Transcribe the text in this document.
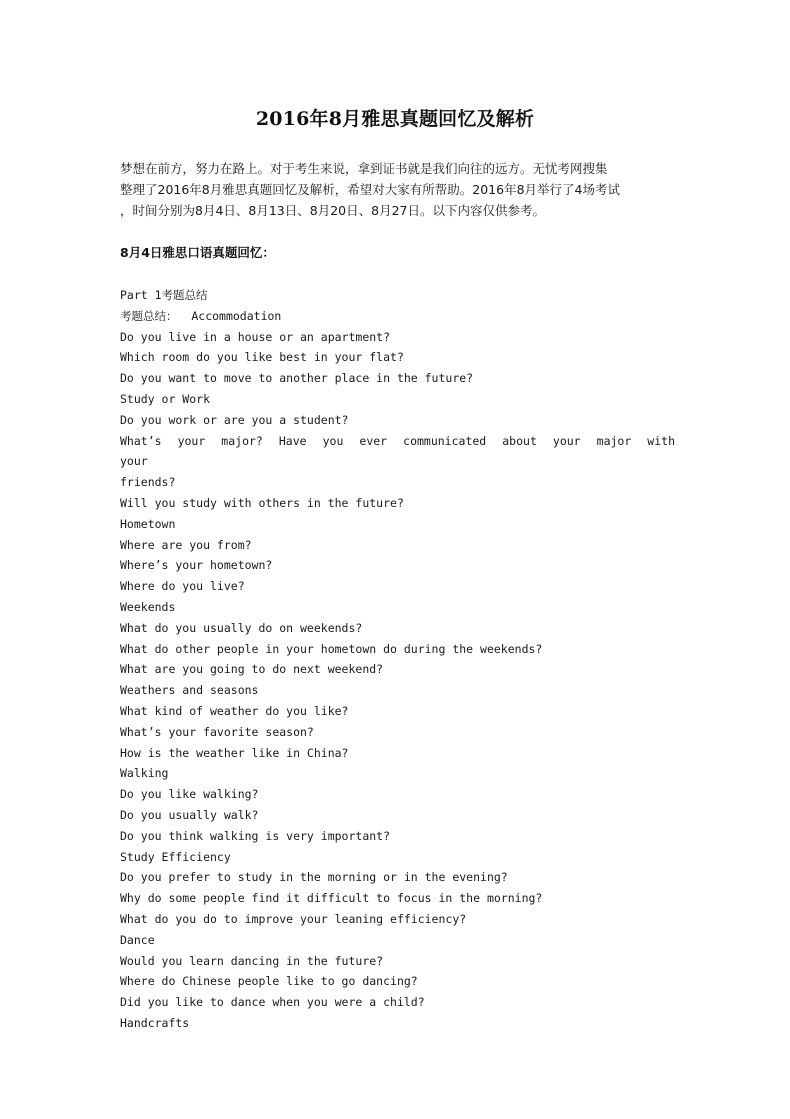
2016年8月雅思真题回忆及解析
梦想在前方，努力在路上。对于考生来说，拿到证书就是我们向往的远方。无忧考网搜集
整理了2016年8月雅思真题回忆及解析，希望对大家有所帮助。2016年8月举行了4场考试
，时间分别为8月4日、8月13日、8月20日、8月27日。以下内容仅供参考。
8月4日雅思口语真题回忆：
Part 1考题总结
考题总结：  Accommodation
Do you live in a house or an apartment?
Which room do you like best in your flat?
Do you want to move to another place in the future?
Study or Work
Do you work or are you a student?
What’s your major? Have you ever communicated about your major with your
friends?
Will you study with others in the future?
Hometown
Where are you from?
Where’s your hometown?
Where do you live?
Weekends
What do you usually do on weekends?
What do other people in your hometown do during the weekends?
What are you going to do next weekend?
Weathers and seasons
What kind of weather do you like?
What’s your favorite season?
How is the weather like in China?
Walking
Do you like walking?
Do you usually walk?
Do you think walking is very important?
Study Efficiency
Do you prefer to study in the morning or in the evening?
Why do some people find it difficult to focus in the morning?
What do you do to improve your leaning efficiency?
Dance
Would you learn dancing in the future?
Where do Chinese people like to go dancing?
Did you like to dance when you were a child?
Handcrafts
